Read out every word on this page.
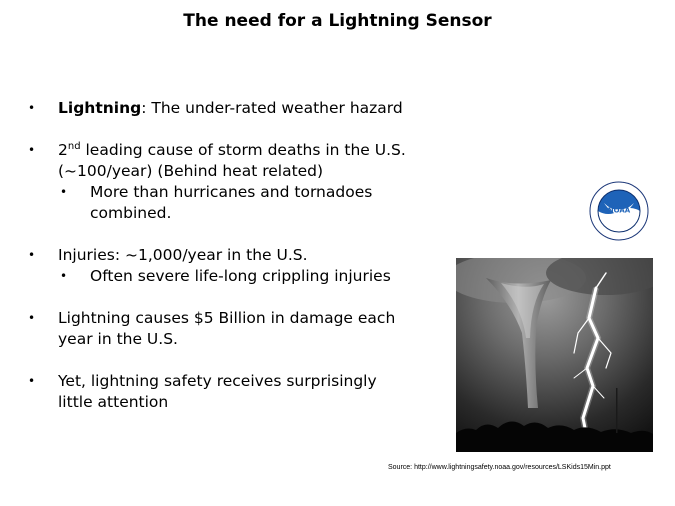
The need for a Lightning Sensor
• Lightning: The under-rated weather hazard
• 2nd leading cause of storm deaths in the U.S.
(~100/year) (Behind heat related)
• More than hurricanes and tornadoes
combined.
• Injuries: ~1,000/year in the U.S.
• Often severe life-long crippling injuries
• Lightning causes $5 Billion in damage each
year in the U.S.
• Yet, lightning safety receives surprisingly
little attention
NOAA
Source: http://www.lightningsafety.noaa.gov/resources/LSKids15Min.ppt
